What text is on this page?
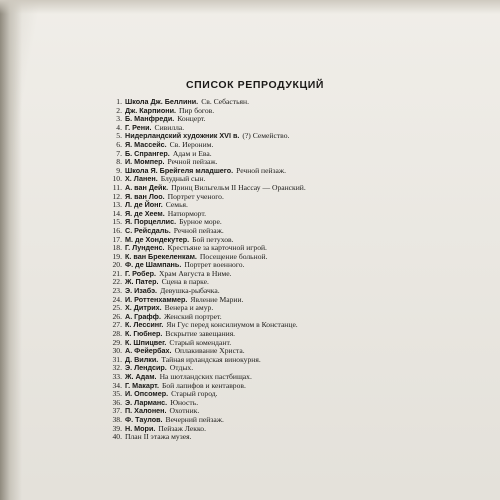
СПИСОК РЕПРОДУКЦИЙ
1. Школа Дж. Беллини. Св. Себастьян.
2. Дж. Карпиони. Пир богов.
3. Б. Манфреди. Концерт.
4. Г. Рени. Сивилла.
5. Нидерландский художник XVI в. (?) Семейство.
6. Я. Массейс. Св. Иероним.
7. Б. Спрангер. Адам и Ева.
8. И. Момпер. Речной пейзаж.
9. Школа Я. Брейгеля младшего. Речной пейзаж.
10. Х. Ланен. Блудный сын.
11. А. ван Дейк. Принц Вильгельм II Нассау — Оранский.
12. Я. ван Лоо. Портрет ученого.
13. Л. де Йонг. Семья.
14. Я. де Хеем. Натюрморт.
15. Я. Порцеллис. Бурное море.
16. С. Рейсдаль. Речной пейзаж.
17. М. де Хондекутер. Бой петухов.
18. Г. Лунденс. Крестьяне за карточной игрой.
19. К. ван Брекеленкам. Посещение больной.
20. Ф. де Шампань. Портрет военного.
21. Г. Робер. Храм Августа в Ниме.
22. Ж. Патер. Сцена в парке.
23. Э. Изабэ. Девушка-рыбачка.
24. И. Роттенхаммер. Явление Марии.
25. Х. Дитрих. Венера и амур.
26. А. Графф. Женский портрет.
27. К. Лессинг. Ян Гус перед консилиумом в Констанце.
28. К. Гюбнер. Вскрытие завещания.
29. К. Шпицвег. Старый комендант.
30. А. Фейербах. Оплакивание Христа.
31. Д. Вилки. Тайная ирландская винокурня.
32. Э. Лендсир. Отдых.
33. Ж. Адам. На шотландских пастбищах.
34. Г. Макарт. Бой лапифов и кентавров.
35. И. Опсомер. Старый город.
36. Э. Ларманс. Юность.
37. П. Халонен. Охотник.
38. Ф. Таулов. Вечерний пейзаж.
39. Н. Мори. Пейзаж Лекко.
40. План II этажа музея.
